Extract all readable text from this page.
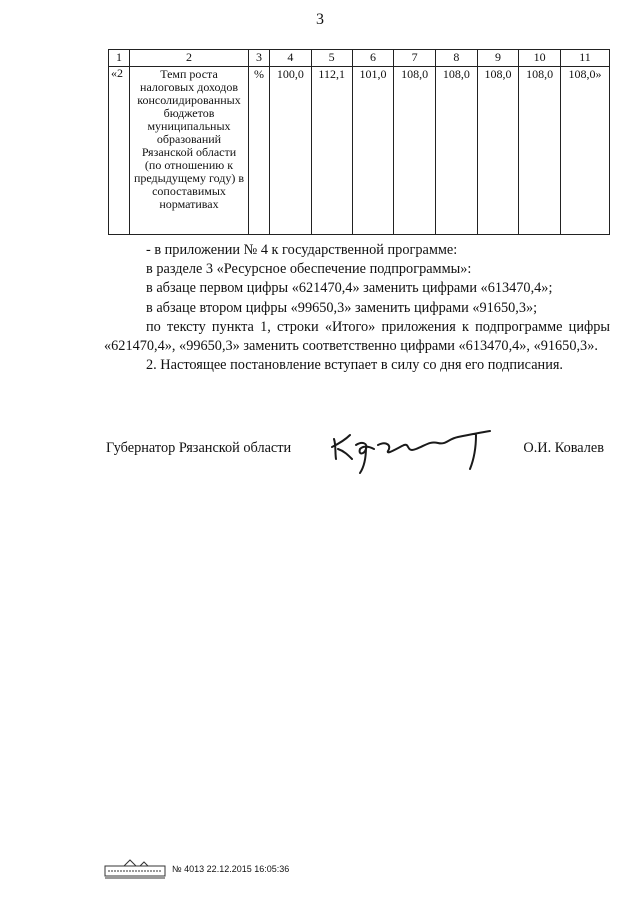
3
1	2	3	4	5	6	7	8	9	10	11
«2	Темп роста налоговых доходов консолидированных бюджетов муниципальных образований Рязанской области (по отношению к предыдущему году) в сопоставимых нормативах	%	100,0	112,1	101,0	108,0	108,0	108,0	108,0	108,0»

- в приложении № 4 к государственной программе:

в разделе 3 «Ресурсное обеспечение подпрограммы»:

в абзаце первом цифры «621470,4» заменить цифрами «613470,4»;

в абзаце втором цифры «99650,3» заменить цифрами «91650,3»;

по тексту пункта 1, строки «Итого» приложения к подпрограмме цифры «621470,4», «99650,3» заменить соответственно цифрами «613470,4», «91650,3».

2. Настоящее постановление вступает в силу со дня его подписания.

Губернатор Рязанской области	О.И. Ковалев
№ 4013 22.12.2015 16:05:36
